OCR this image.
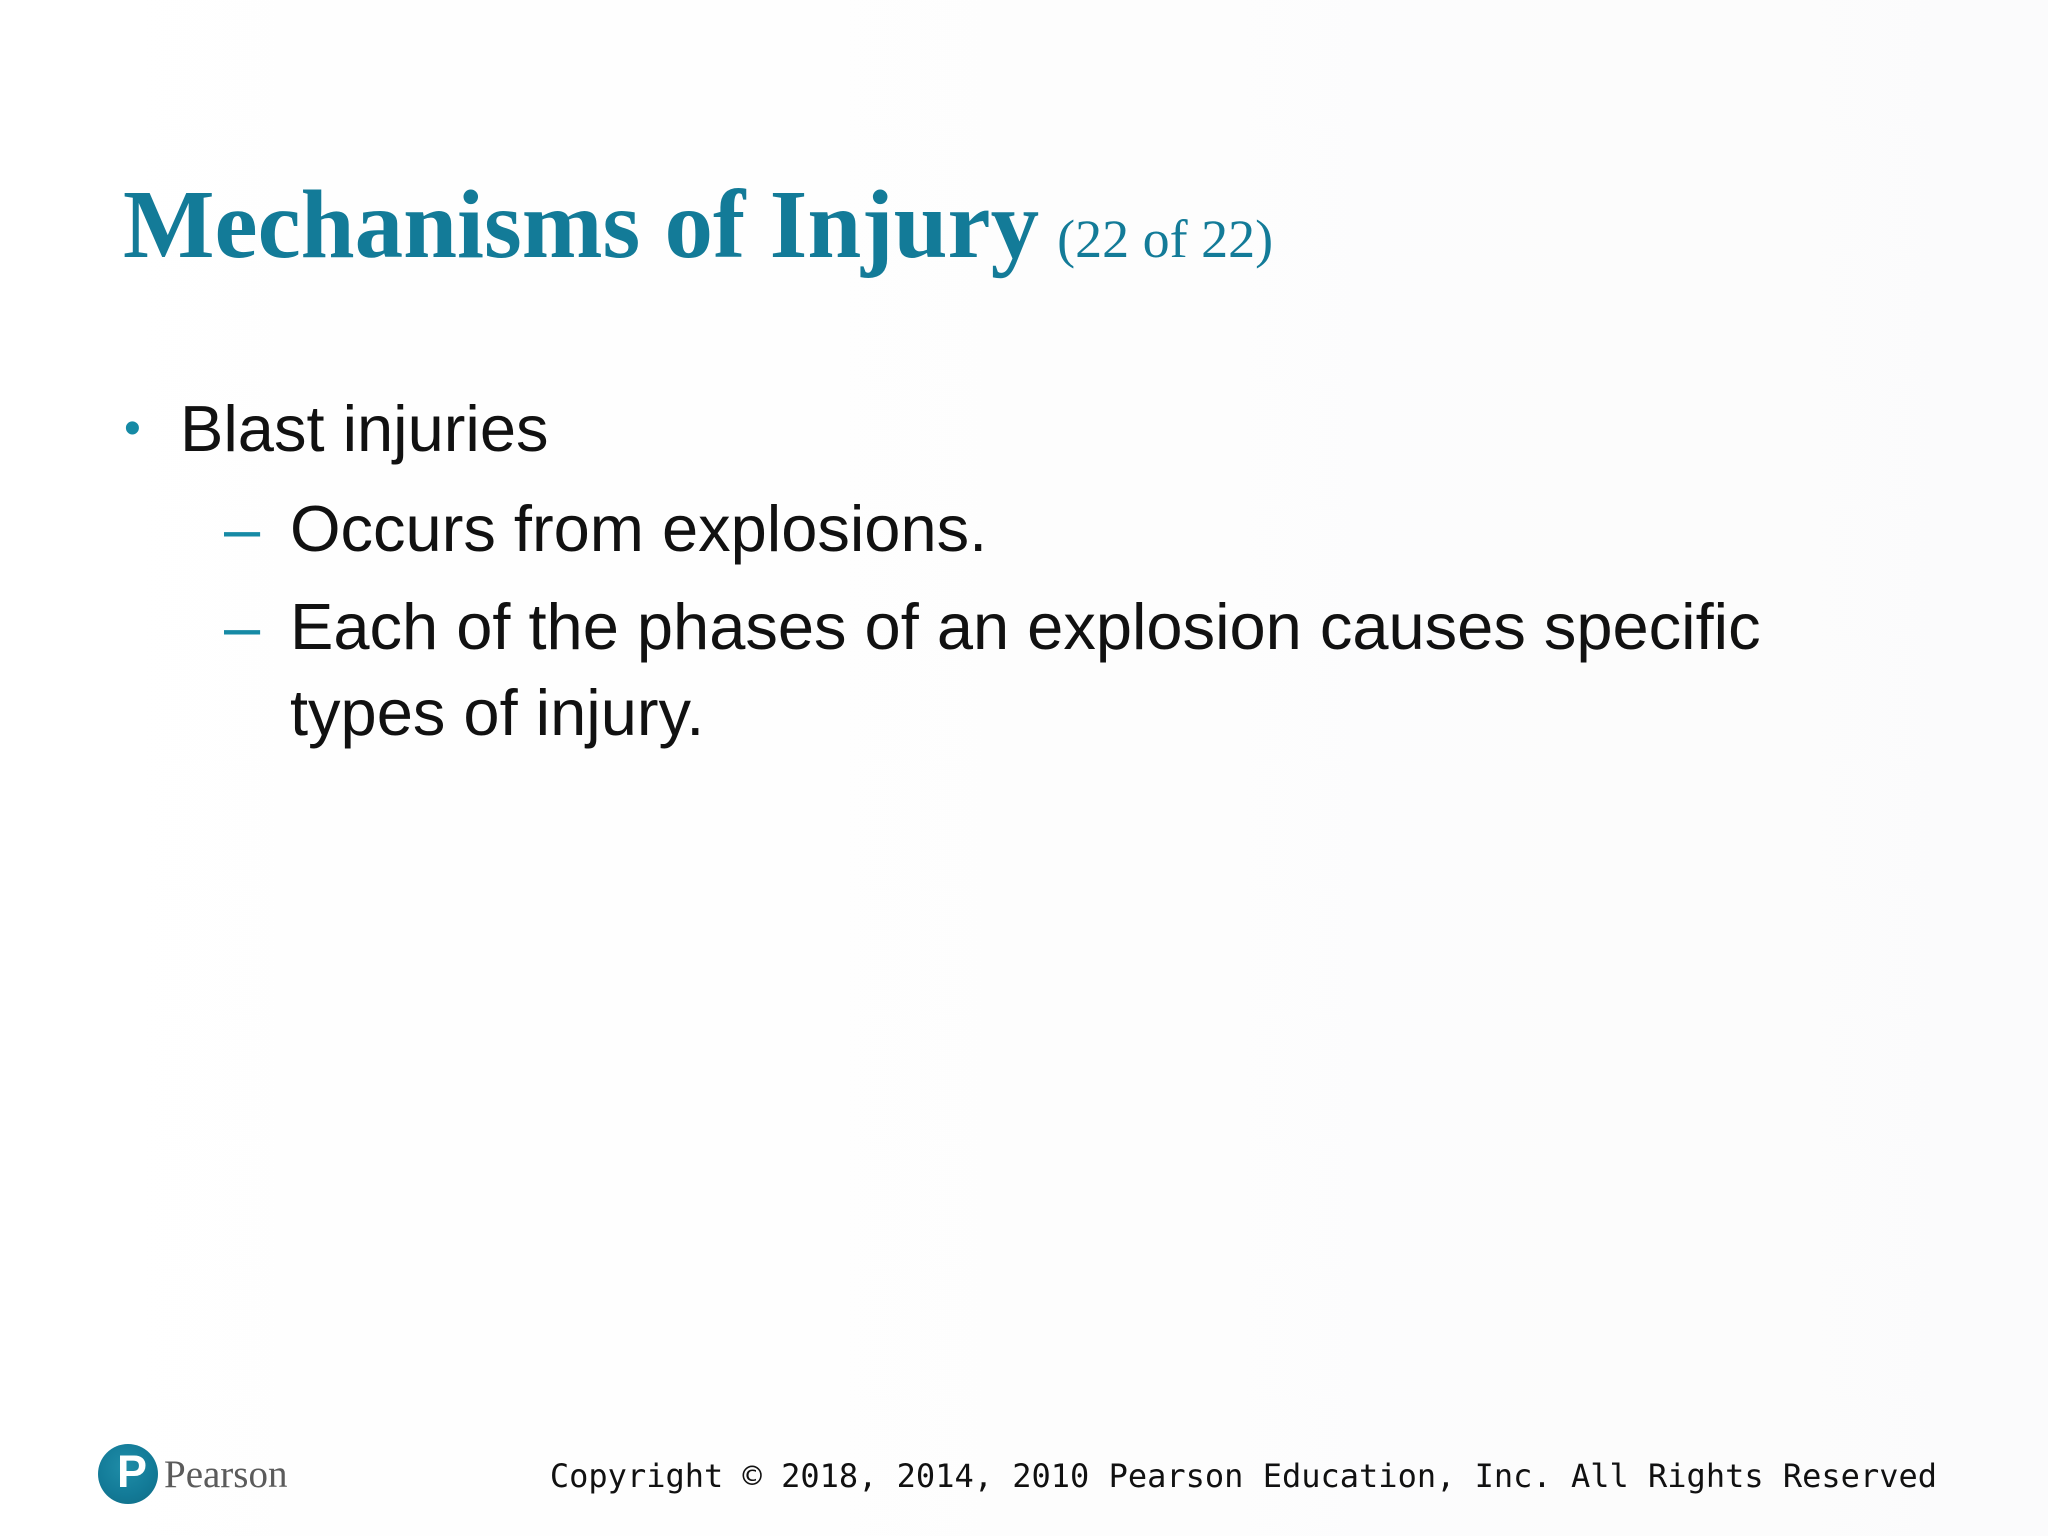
Mechanisms of Injury (22 of 22)
• Blast injuries
– Occurs from explosions.
– Each of the phases of an explosion causes specific types of injury.
P Pearson	Copyright © 2018, 2014, 2010 Pearson Education, Inc. All Rights Reserved
